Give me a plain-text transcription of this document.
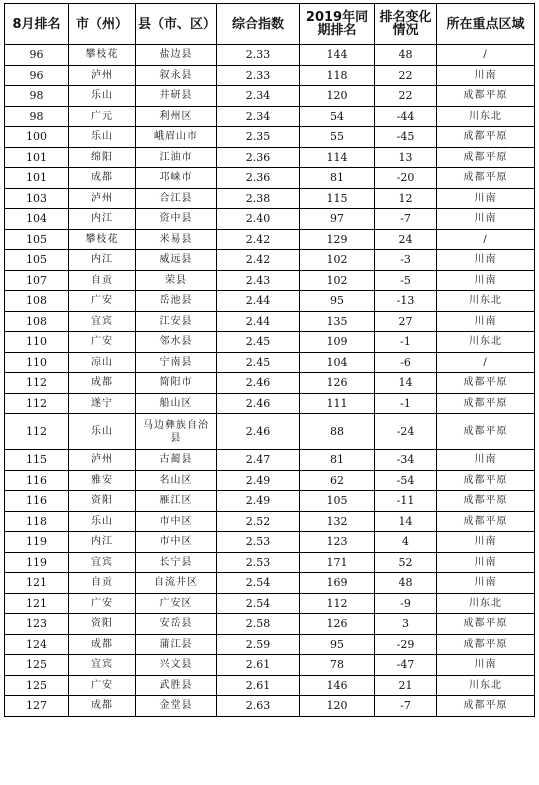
8月排名	市（州）	县（市、区）	综合指数	2019年同期排名	排名变化情况	所在重点区域
96	攀枝花	盐边县	2.33	144	48	/
96	泸州	叙永县	2.33	118	22	川南
98	乐山	井研县	2.34	120	22	成都平原
98	广元	利州区	2.34	54	-44	川东北
100	乐山	峨眉山市	2.35	55	-45	成都平原
101	绵阳	江油市	2.36	114	13	成都平原
101	成都	邛崃市	2.36	81	-20	成都平原
103	泸州	合江县	2.38	115	12	川南
104	内江	资中县	2.40	97	-7	川南
105	攀枝花	米易县	2.42	129	24	/
105	内江	威远县	2.42	102	-3	川南
107	自贡	荣县	2.43	102	-5	川南
108	广安	岳池县	2.44	95	-13	川东北
108	宜宾	江安县	2.44	135	27	川南
110	广安	邻水县	2.45	109	-1	川东北
110	凉山	宁南县	2.45	104	-6	/
112	成都	简阳市	2.46	126	14	成都平原
112	遂宁	船山区	2.46	111	-1	成都平原
112	乐山	马边彝族自治县	2.46	88	-24	成都平原
115	泸州	古蔺县	2.47	81	-34	川南
116	雅安	名山区	2.49	62	-54	成都平原
116	资阳	雁江区	2.49	105	-11	成都平原
118	乐山	市中区	2.52	132	14	成都平原
119	内江	市中区	2.53	123	4	川南
119	宜宾	长宁县	2.53	171	52	川南
121	自贡	自流井区	2.54	169	48	川南
121	广安	广安区	2.54	112	-9	川东北
123	资阳	安岳县	2.58	126	3	成都平原
124	成都	蒲江县	2.59	95	-29	成都平原
125	宜宾	兴文县	2.61	78	-47	川南
125	广安	武胜县	2.61	146	21	川东北
127	成都	金堂县	2.63	120	-7	成都平原
